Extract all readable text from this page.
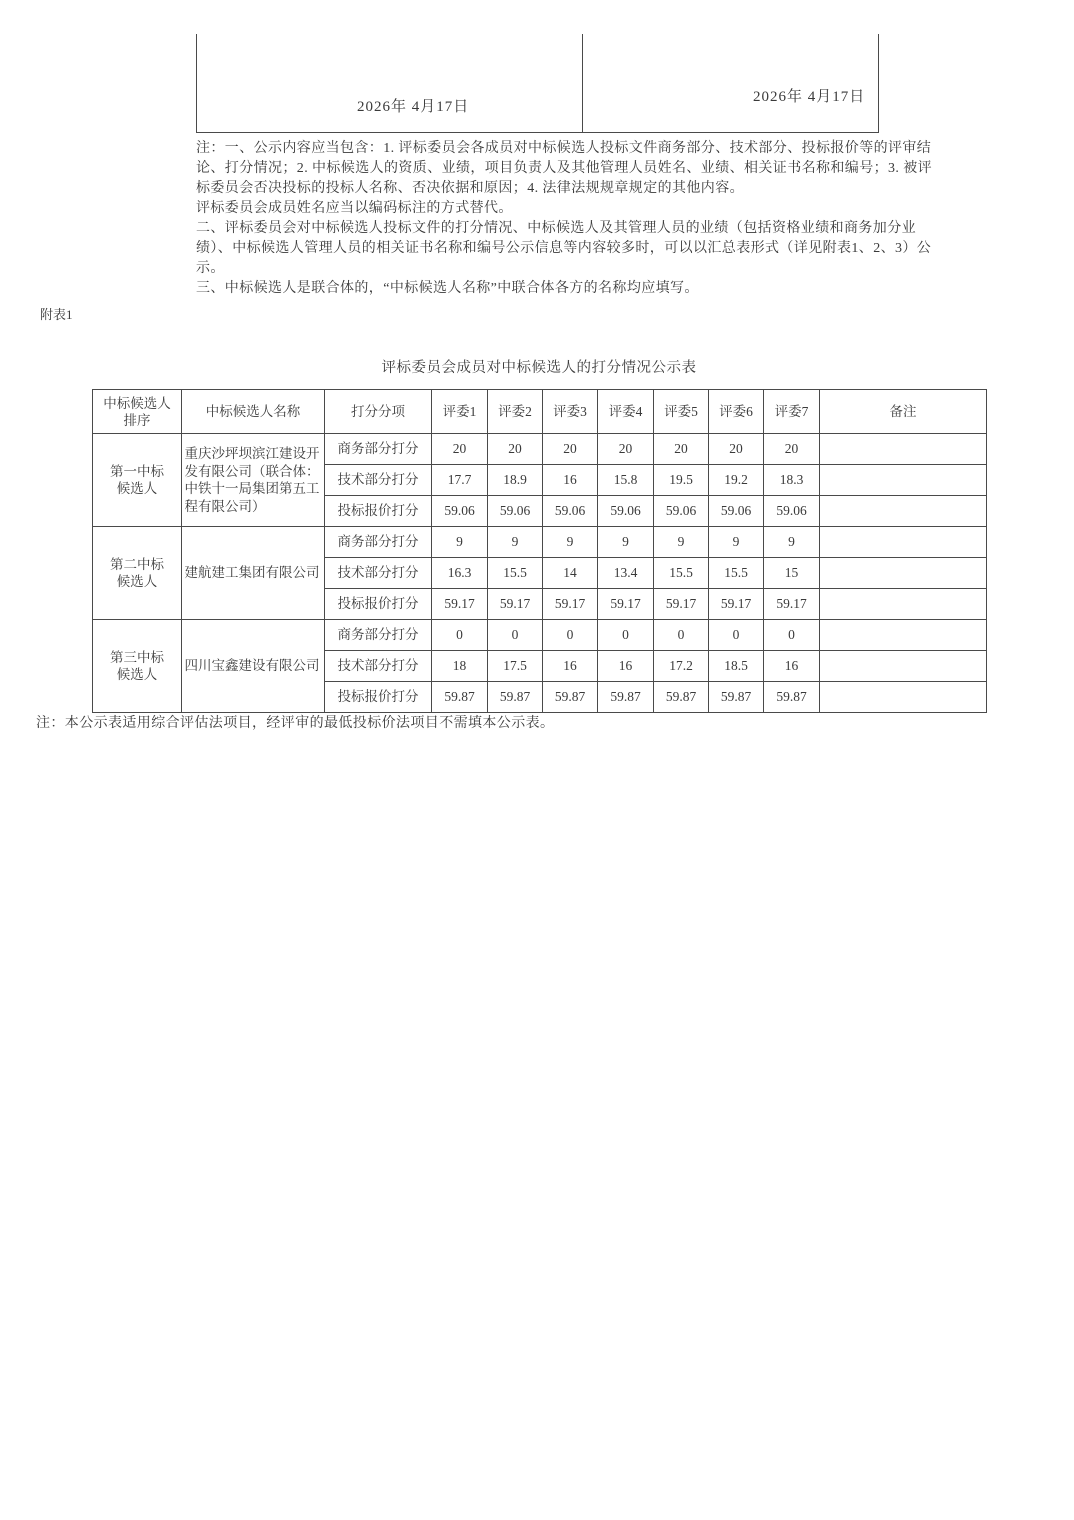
2026年 4月17日
2026年 4月17日
注：一、公示内容应当包含：1. 评标委员会各成员对中标候选人投标文件商务部分、技术部分、投标报价等的评审结
论、打分情况；2. 中标候选人的资质、业绩，项目负责人及其他管理人员姓名、业绩、相关证书名称和编号；3. 被评
标委员会否决投标的投标人名称、否决依据和原因；4. 法律法规规章规定的其他内容。
评标委员会成员姓名应当以编码标注的方式替代。
二、评标委员会对中标候选人投标文件的打分情况、中标候选人及其管理人员的业绩（包括资格业绩和商务加分业
绩）、中标候选人管理人员的相关证书名称和编号公示信息等内容较多时，可以以汇总表形式（详见附表1、2、3）公
示。
三、中标候选人是联合体的，“中标候选人名称”中联合体各方的名称均应填写。
附表1
评标委员会成员对中标候选人的打分情况公示表
中标候选人排序	中标候选人名称	打分分项	评委1	评委2	评委3	评委4	评委5	评委6	评委7	备注
第一中标候选人	重庆沙坪坝滨江建设开发有限公司（联合体：中铁十一局集团第五工程有限公司）	商务部分打分	20	20	20	20	20	20	20	
		技术部分打分	17.7	18.9	16	15.8	19.5	19.2	18.3	
		投标报价打分	59.06	59.06	59.06	59.06	59.06	59.06	59.06	
第二中标候选人	建航建工集团有限公司	商务部分打分	9	9	9	9	9	9	9	
		技术部分打分	16.3	15.5	14	13.4	15.5	15.5	15	
		投标报价打分	59.17	59.17	59.17	59.17	59.17	59.17	59.17	
第三中标候选人	四川宝鑫建设有限公司	商务部分打分	0	0	0	0	0	0	0	
		技术部分打分	18	17.5	16	16	17.2	18.5	16	
		投标报价打分	59.87	59.87	59.87	59.87	59.87	59.87	59.87	
注：本公示表适用综合评估法项目，经评审的最低投标价法项目不需填本公示表。
